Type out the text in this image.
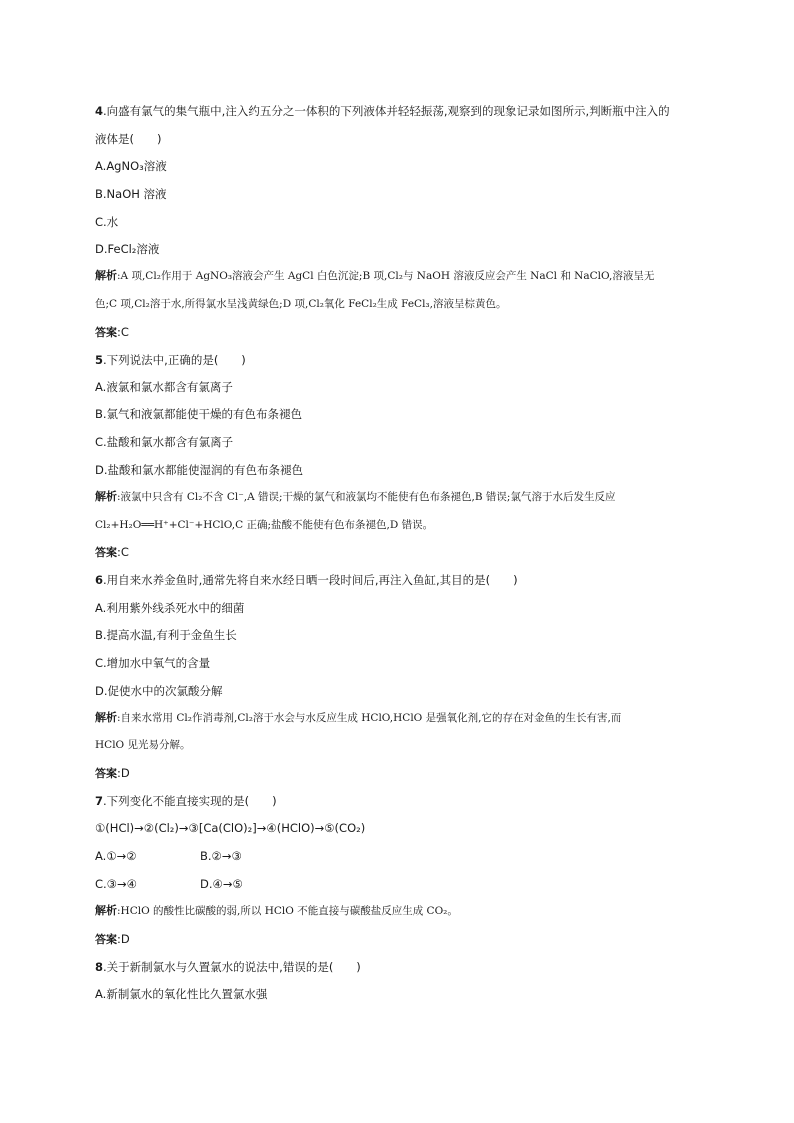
4.向盛有氯气的集气瓶中,注入约五分之一体积的下列液体并轻轻振荡,观察到的现象记录如图所示,判断瓶中注入的
液体是(　　)
A.AgNO₃溶液
B.NaOH 溶液
C.水
D.FeCl₂溶液
解析:A 项,Cl₂作用于 AgNO₃溶液会产生 AgCl 白色沉淀;B 项,Cl₂与 NaOH 溶液反应会产生 NaCl 和 NaClO,溶液呈无
色;C 项,Cl₂溶于水,所得氯水呈浅黄绿色;D 项,Cl₂氧化 FeCl₂生成 FeCl₃,溶液呈棕黄色。
答案:C
5.下列说法中,正确的是(　　)
A.液氯和氯水都含有氯离子
B.氯气和液氯都能使干燥的有色布条褪色
C.盐酸和氯水都含有氯离子
D.盐酸和氯水都能使湿润的有色布条褪色
解析:液氯中只含有 Cl₂不含 Cl⁻,A 错误;干燥的氯气和液氯均不能使有色布条褪色,B 错误;氯气溶于水后发生反应
Cl₂+H₂O══H⁺+Cl⁻+HClO,C 正确;盐酸不能使有色布条褪色,D 错误。
答案:C
6.用自来水养金鱼时,通常先将自来水经日晒一段时间后,再注入鱼缸,其目的是(　　)
A.利用紫外线杀死水中的细菌
B.提高水温,有利于金鱼生长
C.增加水中氧气的含量
D.促使水中的次氯酸分解
解析:自来水常用 Cl₂作消毒剂,Cl₂溶于水会与水反应生成 HClO,HClO 是强氧化剂,它的存在对金鱼的生长有害,而
HClO 见光易分解。
答案:D
7.下列变化不能直接实现的是(　　)
①(HCl)→②(Cl₂)→③[Ca(ClO)₂]→④(HClO)→⑤(CO₂)
A.①→②	B.②→③
C.③→④	D.④→⑤
解析:HClO 的酸性比碳酸的弱,所以 HClO 不能直接与碳酸盐反应生成 CO₂。
答案:D
8.关于新制氯水与久置氯水的说法中,错误的是(　　)
A.新制氯水的氧化性比久置氯水强
